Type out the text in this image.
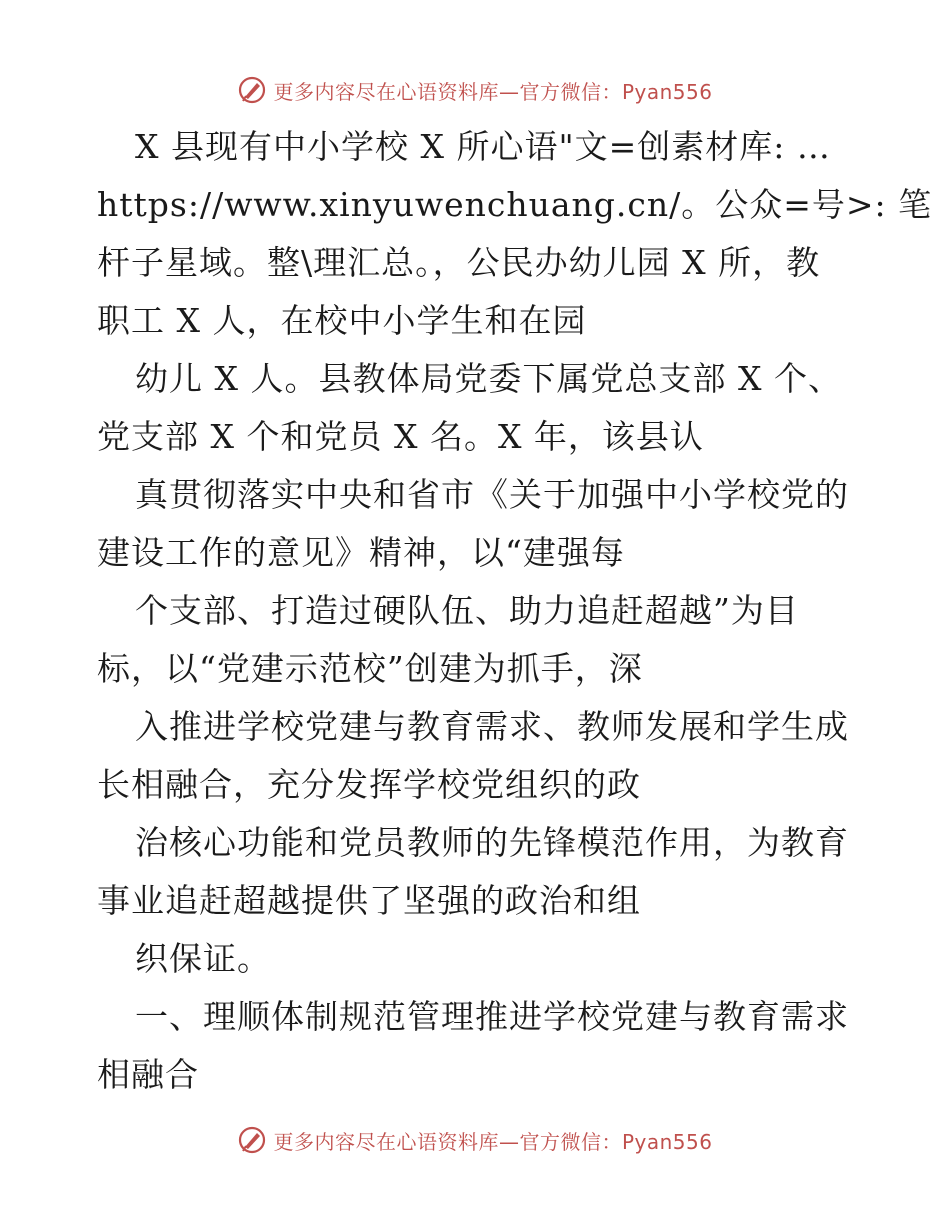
更多内容尽在心语资料库—官方微信：Pyan556
X 县现有中小学校 X 所心语"文=创素材库: …
https://www.xinyuwenchuang.cn/。公众=号>: 笔
杆子星域。整\理汇总。，公民办幼儿园 X 所，教
职工 X 人，在校中小学生和在园
幼儿 X 人。县教体局党委下属党总支部 X 个、
党支部 X 个和党员 X 名。X 年，该县认
真贯彻落实中央和省市《关于加强中小学校党的
建设工作的意见》精神，以“建强每
个支部、打造过硬队伍、助力追赶超越”为目
标，以“党建示范校”创建为抓手，深
入推进学校党建与教育需求、教师发展和学生成
长相融合，充分发挥学校党组织的政
治核心功能和党员教师的先锋模范作用，为教育
事业追赶超越提供了坚强的政治和组
织保证。
一、理顺体制规范管理推进学校党建与教育需求
相融合
更多内容尽在心语资料库—官方微信：Pyan556
